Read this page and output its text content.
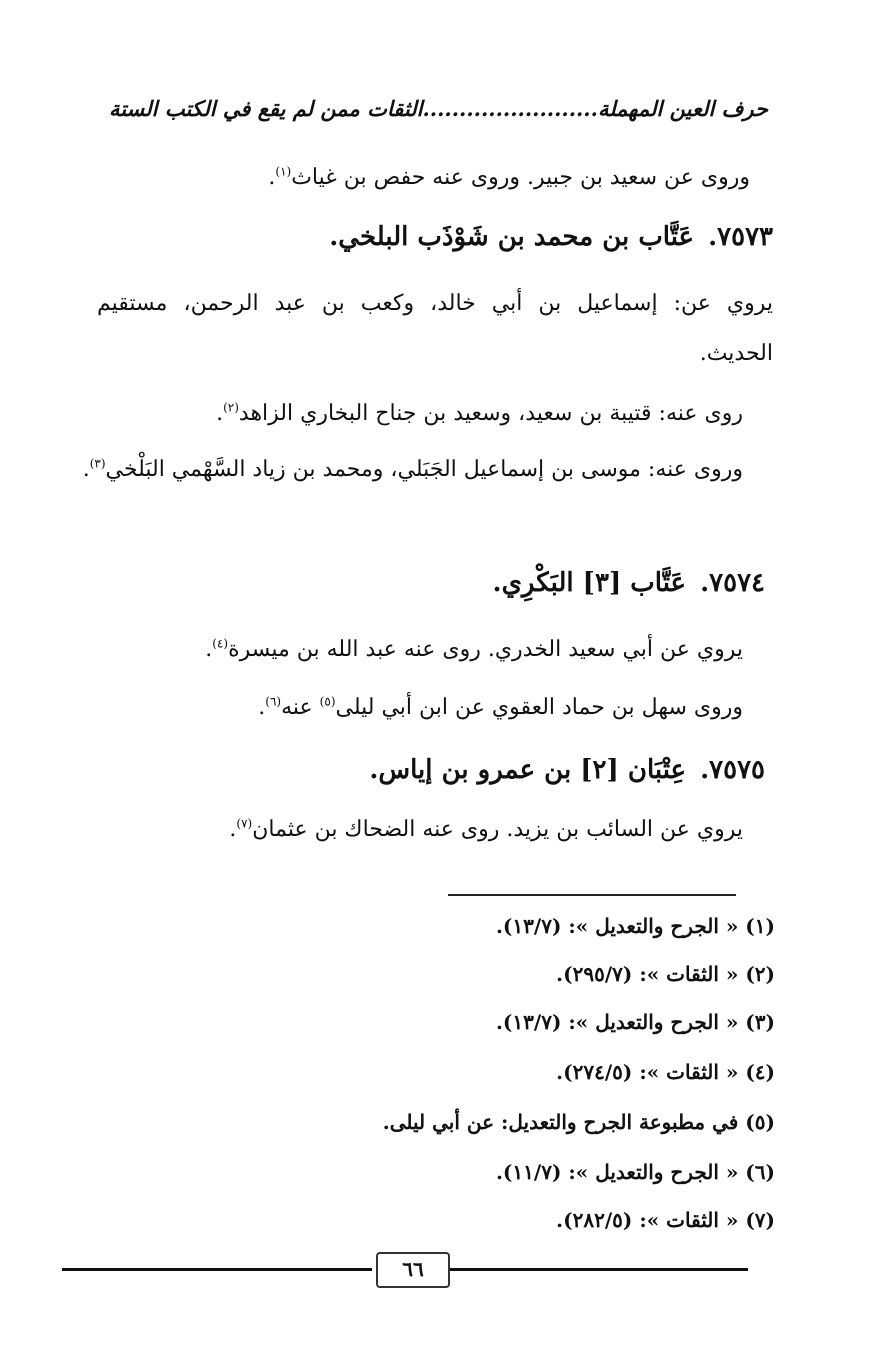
حرف العين المهملة........................الثقات ممن لم يقع في الكتب الستة
وروى عن سعيد بن جبير. وروى عنه حفص بن غياث$^{(١)}$.
٧٥٧٣.عَتَّاب بن محمد بن شَوْذَب البلخي.
يروي عن: إسماعيل بن أبي خالد، وكعب بن عبد الرحمن، مستقيم
الحديث.
روى عنه: قتيبة بن سعيد، وسعيد بن جناح البخاري الزاهد$^{(٢)}$.
وروى عنه: موسى بن إسماعيل الجَبَلي، ومحمد بن زياد السَّهْمي البَلْخي$^{(٣)}$.
٧٥٧٤.عَتَّاب [٣] البَكْرِي.
يروي عن أبي سعيد الخدري. روى عنه عبد الله بن ميسرة$^{(٤)}$.
وروى سهل بن حماد العقوي عن ابن أبي ليلى$^{(٥)}$ عنه$^{(٦)}$.
٧٥٧٥.عِتْبَان [٢] بن عمرو بن إياس.
يروي عن السائب بن يزيد. روى عنه الضحاك بن عثمان$^{(٧)}$.
(١) « الجرح والتعديل »: (١٣/٧).
(٢) « الثقات »: (٢٩٥/٧).
(٣) « الجرح والتعديل »: (١٣/٧).
(٤) « الثقات »: (٢٧٤/٥).
(٥) في مطبوعة الجرح والتعديل: عن أبي ليلى.
(٦) « الجرح والتعديل »: (١١/٧).
(٧) « الثقات »: (٢٨٢/٥).
٦٦
